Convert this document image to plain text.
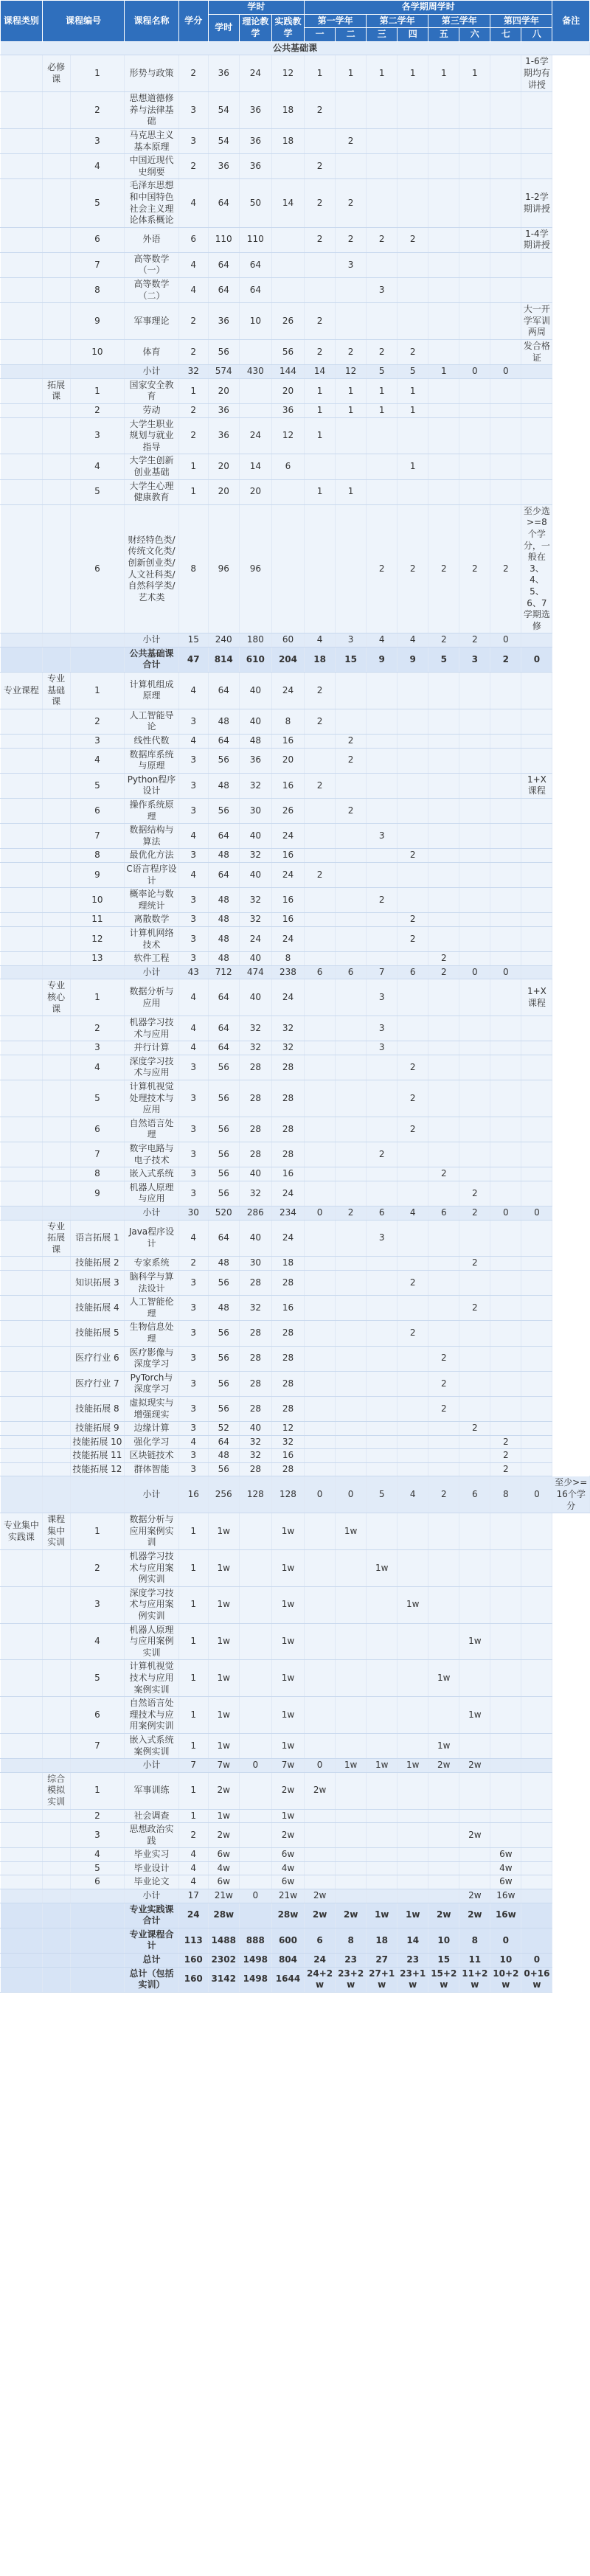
课程类别	课程编号		课程名称	学分	学时			各学期周学时								备注
					学时	理论教学	实践教学	第一学年		第二学年		第三学年		第四学年		
								一	二	三	四	五	六	七	八	
公共基础课																
	必修课	1	形势与政策	2	36	24	12	1	1	1	1	1	1		1-6学期均有讲授	
		2	思想道德修养与法律基础	3	54	36	18	2								
		3	马克思主义基本原理	3	54	36	18		2							
		4	中国近现代史纲要	2	36	36		2								
		5	毛泽东思想和中国特色社会主义理论体系概论	4	64	50	14	2	2						1-2学期讲授	
		6	外语	6	110	110		2	2	2	2				1-4学期讲授	
		7	高等数学（一）	4	64	64			3							
		8	高等数学（二）	4	64	64				3						
		9	军事理论	2	36	10	26	2							大一开学军训两周	
		10	体育	2	56		56	2	2	2	2				发合格证	
			小计	32	574	430	144	14	12	5	5	1	0	0		
	拓展课	1	国家安全教育	1	20		20	1	1	1	1					
		2	劳动	2	36		36	1	1	1	1					
		3	大学生职业规划与就业指导	2	36	24	12	1								
		4	大学生创新创业基础	1	20	14	6				1					
		5	大学生心理健康教育	1	20	20		1	1							
		6	财经特色类/传统文化类/创新创业类/人文社科类/自然科学类/艺术类	8	96	96				2	2	2	2	2	至少选>=8个学分，一般在3、4、5、6、7学期选修	
			小计	15	240	180	60	4	3	4	4	2	2	0		
			公共基础课合计	47	814	610	204	18	15	9	9	5	3	2	0	
专业课程	专业基础课	1	计算机组成原理	4	64	40	24	2								
		2	人工智能导论	3	48	40	8	2								
		3	线性代数	4	64	48	16		2							
		4	数据库系统与原理	3	56	36	20		2							
		5	Python程序设计	3	48	32	16	2							1+X课程	
		6	操作系统原理	3	56	30	26		2							
		7	数据结构与算法	4	64	40	24			3						
		8	最优化方法	3	48	32	16				2					
		9	C语言程序设计	4	64	40	24	2								
		10	概率论与数理统计	3	48	32	16			2						
		11	离散数学	3	48	32	16				2					
		12	计算机网络技术	3	48	24	24				2					
		13	软件工程	3	48	40	8					2				
			小计	43	712	474	238	6	6	7	6	2	0	0		
	专业核心课	1	数据分析与应用	4	64	40	24			3					1+X课程	
		2	机器学习技术与应用	4	64	32	32			3						
		3	并行计算	4	64	32	32			3						
		4	深度学习技术与应用	3	56	28	28				2					
		5	计算机视觉处理技术与应用	3	56	28	28				2					
		6	自然语言处理	3	56	28	28				2					
		7	数字电路与电子技术	3	56	28	28			2						
		8	嵌入式系统	3	56	40	16					2				
		9	机器人原理与应用	3	56	32	24						2			
			小计	30	520	286	234	0	2	6	4	6	2	0	0	
	专业拓展课	语言拓展 1	Java程序设计	4	64	40	24			3						
		技能拓展 2	专家系统	2	48	30	18						2			
		知识拓展 3	脑科学与算法设计	3	56	28	28				2					
		技能拓展 4	人工智能伦理	3	48	32	16						2			
		技能拓展 5	生物信息处理	3	56	28	28				2					
		医疗行业 6	医疗影像与深度学习	3	56	28	28					2				
		医疗行业 7	PyTorch与深度学习	3	56	28	28					2				
		技能拓展 8	虚拟现实与增强现实	3	56	28	28					2				
		技能拓展 9	边缘计算	3	52	40	12						2			
		技能拓展 10	强化学习	4	64	32	32							2		
		技能拓展 11	区块链技术	3	48	32	16							2		
		技能拓展 12	群体智能	3	56	28	28							2		
			小计	16	256	128	128	0	0	5	4	2	6	8	0	至少>=16个学分
专业集中实践课	课程集中实训	1	数据分析与应用案例实训	1	1w		1w		1w							
		2	机器学习技术与应用案例实训	1	1w		1w			1w						
		3	深度学习技术与应用案例实训	1	1w		1w				1w					
		4	机器人原理与应用案例实训	1	1w		1w						1w			
		5	计算机视觉技术与应用案例实训	1	1w		1w					1w				
		6	自然语言处理技术与应用案例实训	1	1w		1w						1w			
		7	嵌入式系统案例实训	1	1w		1w					1w				
			小计	7	7w	0	7w	0	1w	1w	1w	2w	2w			
	综合模拟实训	1	军事训练	1	2w		2w	2w								
		2	社会调查	1	1w		1w									
		3	思想政治实践	2	2w		2w						2w			
		4	毕业实习	4	6w		6w							6w		
		5	毕业设计	4	4w		4w							4w		
		6	毕业论文	4	6w		6w							6w		
			小计	17	21w	0	21w	2w					2w	16w		
			专业实践课合计	24	28w		28w	2w	2w	1w	1w	2w	2w	16w		
			专业课程合计	113	1488	888	600	6	8	18	14	10	8	0		
			总计	160	2302	1498	804	24	23	27	23	15	11	10	0	
			总计（包括实训）	160	3142	1498	1644	24+2w	23+2w	27+1w	23+1w	15+2w	11+2w	10+2w	0+16w	
